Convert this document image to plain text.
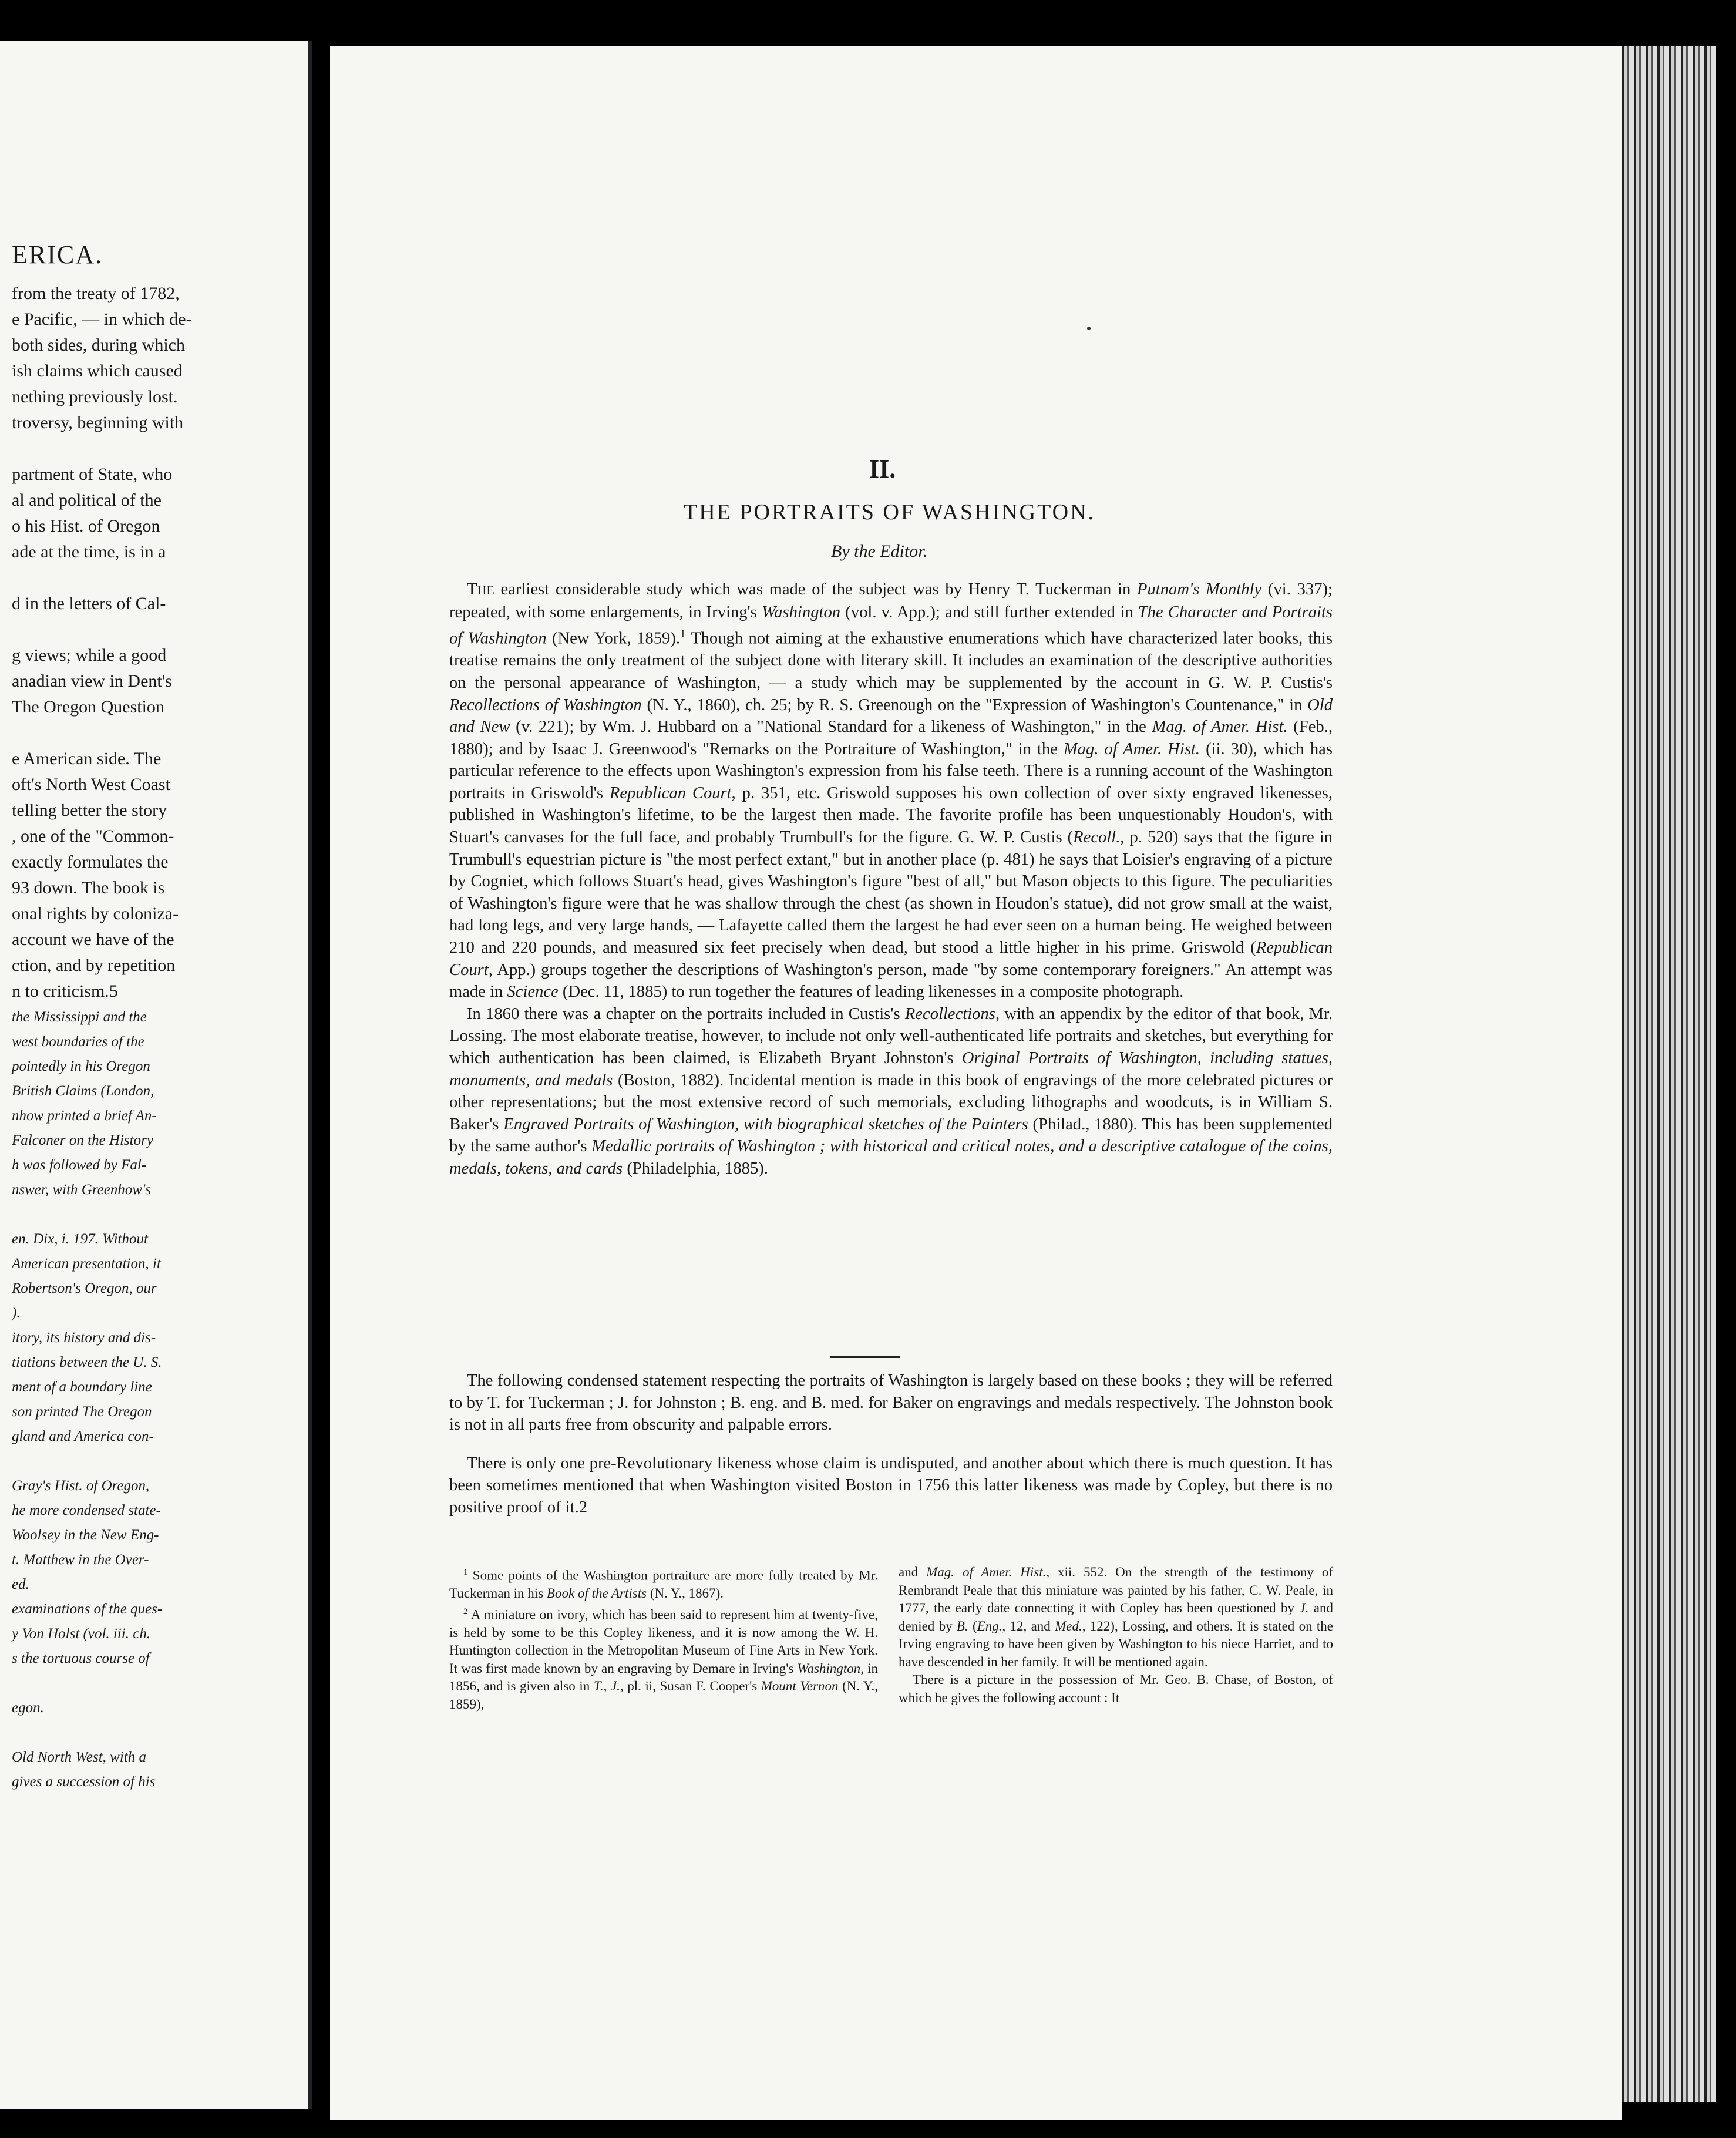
ERICA.
from the treaty of 1782,
e Pacific, — in which de-
both sides, during which
ish claims which caused
nething previously lost.
troversy, beginning with
partment of State, who
al and political of the
o his Hist. of Oregon
ade at the time, is in a
d in the letters of Cal-
g views; while a good
anadian view in Dent's
The Oregon Question
e American side. The
oft's North West Coast
telling better the story
, one of the "Common-
exactly formulates the
93 down. The book is
onal rights by coloniza-
account we have of the
ction, and by repetition
n to criticism.5
the Mississippi and the
west boundaries of the
pointedly in his Oregon
British Claims (London,
nhow printed a brief An-
Falconer on the History
h was followed by Fal-
nswer, with Greenhow's
en. Dix, i. 197. Without
American presentation, it
Robertson's Oregon, our
).
itory, its history and dis-
tiations between the U. S.
ment of a boundary line
son printed The Oregon
gland and America con-
Gray's Hist. of Oregon,
he more condensed state-
Woolsey in the New Eng-
t. Matthew in the Over-
ed.
examinations of the ques-
y Von Holst (vol. iii. ch.
s the tortuous course of
egon.
Old North West, with a
gives a succession of his
II.
THE PORTRAITS OF WASHINGTON.
By the Editor.

THE earliest considerable study which was made of the subject was by Henry T. Tuckerman in Putnam's Monthly (vi. 337); repeated, with some enlargements, in Irving's Washington (vol. v. App.); and still further extended in The Character and Portraits of Washington (New York, 1859).$^1$ Though not aiming at the exhaustive enumerations which have characterized later books, this treatise remains the only treatment of the subject done with literary skill. It includes an examination of the descriptive authorities on the personal appearance of Washington, — a study which may be supplemented by the account in G. W. P. Custis's Recollections of Washington (N. Y., 1860), ch. 25; by R. S. Greenough on the "Expression of Washington's Countenance," in Old and New (v. 221); by Wm. J. Hubbard on a "National Standard for a likeness of Washington," in the Mag. of Amer. Hist. (Feb., 1880); and by Isaac J. Greenwood's "Remarks on the Portraiture of Washington," in the Mag. of Amer. Hist. (ii. 30), which has particular reference to the effects upon Washington's expression from his false teeth. There is a running account of the Washington portraits in Griswold's Republican Court, p. 351, etc. Griswold supposes his own collection of over sixty engraved likenesses, published in Washington's lifetime, to be the largest then made. The favorite profile has been unquestionably Houdon's, with Stuart's canvases for the full face, and probably Trumbull's for the figure. G. W. P. Custis (Recoll., p. 520) says that the figure in Trumbull's equestrian picture is "the most perfect extant," but in another place (p. 481) he says that Loisier's engraving of a picture by Cogniet, which follows Stuart's head, gives Washington's figure "best of all," but Mason objects to this figure. The peculiarities of Washington's figure were that he was shallow through the chest (as shown in Houdon's statue), did not grow small at the waist, had long legs, and very large hands, — Lafayette called them the largest he had ever seen on a human being. He weighed between 210 and 220 pounds, and measured six feet precisely when dead, but stood a little higher in his prime. Griswold (Republican Court, App.) groups together the descriptions of Washington's person, made "by some contemporary foreigners." An attempt was made in Science (Dec. 11, 1885) to run together the features of leading likenesses in a composite photograph.

In 1860 there was a chapter on the portraits included in Custis's Recollections, with an appendix by the editor of that book, Mr. Lossing. The most elaborate treatise, however, to include not only well-authenticated life portraits and sketches, but everything for which authentication has been claimed, is Elizabeth Bryant Johnston's Original Portraits of Washington, including statues, monuments, and medals (Boston, 1882). Incidental mention is made in this book of engravings of the more celebrated pictures or other representations; but the most extensive record of such memorials, excluding lithographs and woodcuts, is in William S. Baker's Engraved Portraits of Washington, with biographical sketches of the Painters (Philad., 1880). This has been supplemented by the same author's Medallic portraits of Washington ; with historical and critical notes, and a descriptive catalogue of the coins, medals, tokens, and cards (Philadelphia, 1885).

The following condensed statement respecting the portraits of Washington is largely based on these books ; they will be referred to by T. for Tuckerman ; J. for Johnston ; B. eng. and B. med. for Baker on engravings and medals respectively. The Johnston book is not in all parts free from obscurity and palpable errors.

There is only one pre-Revolutionary likeness whose claim is undisputed, and another about which there is much question. It has been sometimes mentioned that when Washington visited Boston in 1756 this latter likeness was made by Copley, but there is no positive proof of it.2

$^1$ Some points of the Washington portraiture are more fully treated by Mr. Tuckerman in his Book of the Artists (N. Y., 1867).

$^2$ A miniature on ivory, which has been said to represent him at twenty-five, is held by some to be this Copley likeness, and it is now among the W. H. Huntington collection in the Metropolitan Museum of Fine Arts in New York. It was first made known by an engraving by Demare in Irving's Washington, in 1856, and is given also in T., J., pl. ii, Susan F. Cooper's Mount Vernon (N. Y., 1859),

and Mag. of Amer. Hist., xii. 552. On the strength of the testimony of Rembrandt Peale that this miniature was painted by his father, C. W. Peale, in 1777, the early date connecting it with Copley has been questioned by J. and denied by B. (Eng., 12, and Med., 122), Lossing, and others. It is stated on the Irving engraving to have been given by Washington to his niece Harriet, and to have descended in her family. It will be mentioned again.

There is a picture in the possession of Mr. Geo. B. Chase, of Boston, of which he gives the following account : It
